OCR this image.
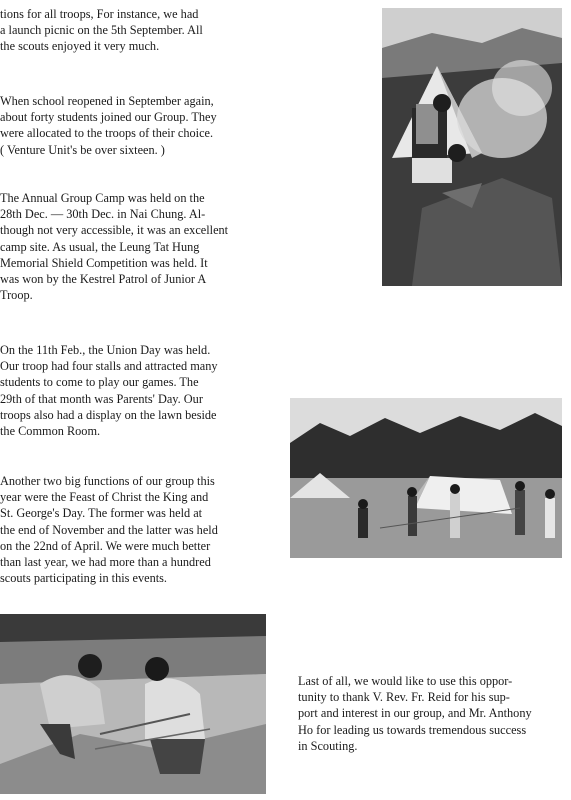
tions for all troops, For instance, we had
a launch picnic on the 5th September. All
the scouts enjoyed it very much.

When school reopened in September again,
about forty students joined our Group. They
were allocated to the troops of their choice.
( Venture Unit's be over sixteen. )

The Annual Group Camp was held on the
28th Dec. — 30th Dec. in Nai Chung. Al-
though not very accessible, it was an excellent
camp site. As usual, the Leung Tat Hung
Memorial Shield Competition was held. It
was won by the Kestrel Patrol of Junior A
Troop.

On the 11th Feb., the Union Day was held.
Our troop had four stalls and attracted many
students to come to play our games. The
29th of that month was Parents' Day. Our
troops also had a display on the lawn beside
the Common Room.

Another two big functions of our group this
year were the Feast of Christ the King and
St. George's Day. The former was held at
the end of November and the latter was held
on the 22nd of April. We were much better
than last year, we had more than a hundred
scouts participating in this events.

Last of all, we would like to use this oppor-
tunity to thank V. Rev. Fr. Reid for his sup-
port and interest in our group, and Mr. Anthony
Ho for leading us towards tremendous success
in Scouting.
